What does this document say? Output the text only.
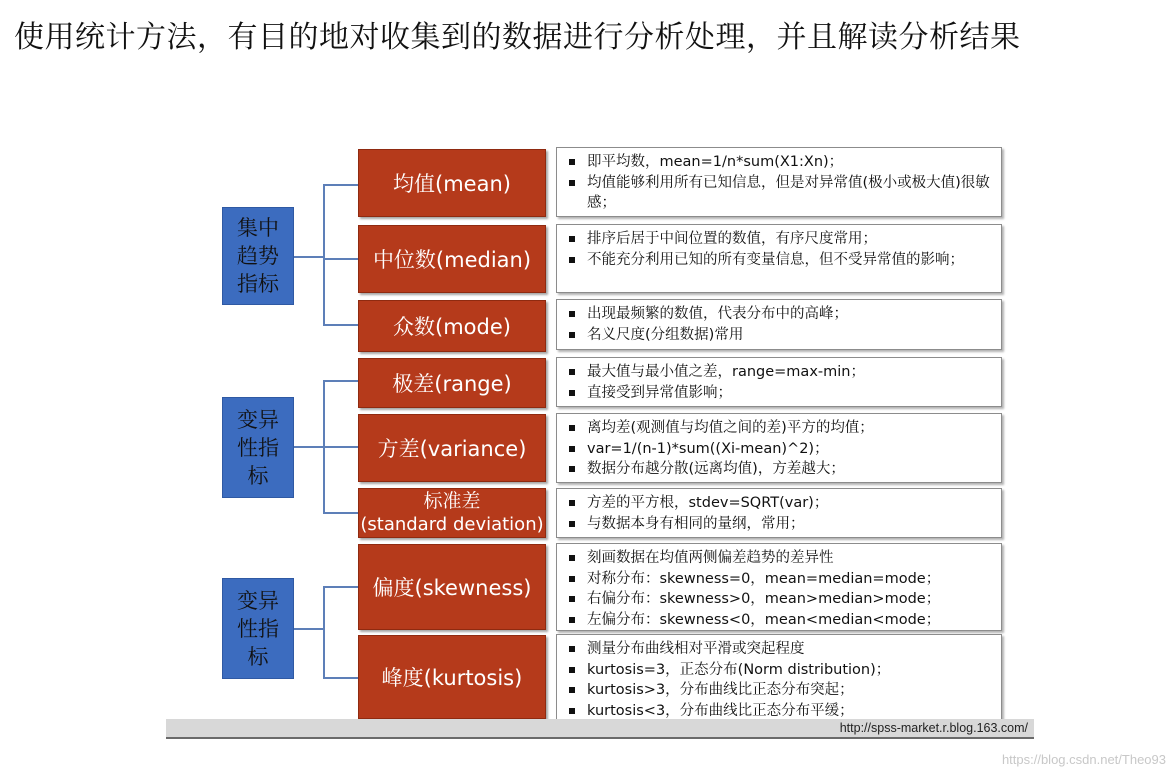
使用统计方法，有目的地对收集到的数据进行分析处理，并且解读分析结果
集中趋势指标
变异性指标
变异性指标
均值(mean)
即平均数，mean=1/n*sum(X1:Xn)；
均值能够利用所有已知信息，但是对异常值(极小或极大值)很敏感；
中位数(median)
排序后居于中间位置的数值，有序尺度常用；
不能充分利用已知的所有变量信息，但不受异常值的影响；
众数(mode)
出现最频繁的数值，代表分布中的高峰；
名义尺度(分组数据)常用
极差(range)	最大值与最小值之差，range=max-min；
直接受到异常值影响；
方差(variance)
离均差(观测值与均值之间的差)平方的均值；
var=1/(n-1)*sum((Xi-mean)^2)；
数据分布越分散(远离均值)，方差越大；
标准差
(standard deviation)
方差的平方根，stdev=SQRT(var)；
与数据本身有相同的量纲，常用；
偏度(skewness)
刻画数据在均值两侧偏差趋势的差异性
对称分布：skewness=0，mean=median=mode；
右偏分布：skewness>0，mean>median>mode；
左偏分布：skewness<0，mean<median<mode；
峰度(kurtosis)
测量分布曲线相对平滑或突起程度
kurtosis=3，正态分布(Norm distribution)；
kurtosis>3，分布曲线比正态分布突起；
kurtosis<3，分布曲线比正态分布平缓；
http://spss-market.r.blog.163.com/
https://blog.csdn.net/Theo93
